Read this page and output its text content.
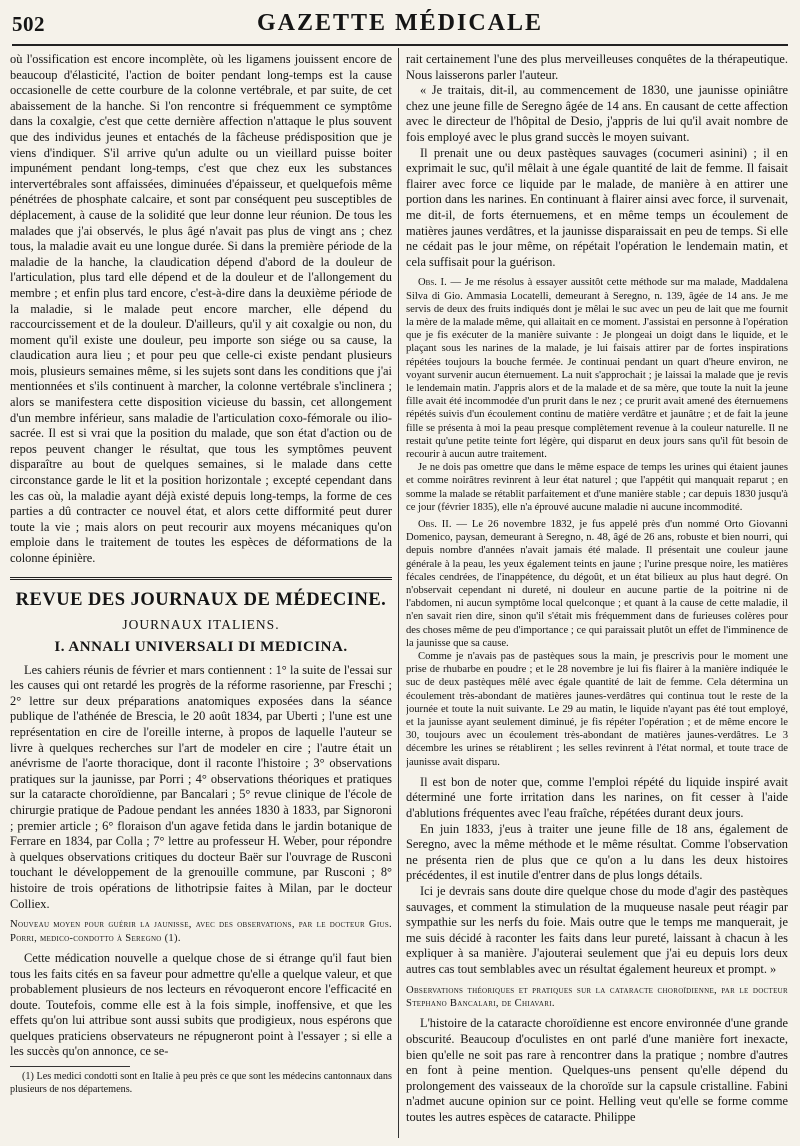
502	GAZETTE MÉDICALE

où l'ossification est encore incomplète, où les ligamens jouissent encore de beaucoup d'élasticité, l'action de boiter pendant long-temps est la cause occasionelle de cette courbure de la colonne vertébrale, et par suite, de cet abaissement de la hanche. Si l'on rencontre si fréquemment ce symptôme dans la coxalgie, c'est que cette dernière affection n'attaque le plus souvent que des individus jeunes et entachés de la fâcheuse prédisposition que je viens d'indiquer. S'il arrive qu'un adulte ou un vieillard puisse boiter impunément pendant long-temps, c'est que chez eux les substances intervertébrales sont affaissées, diminuées d'épaisseur, et quelquefois même pénétrées de phosphate calcaire, et sont par conséquent peu susceptibles de déplacement, à cause de la solidité que leur donne leur réunion. De tous les malades que j'ai observés, le plus âgé n'avait pas plus de vingt ans ; chez tous, la maladie avait eu une longue durée. Si dans la première période de la maladie de la hanche, la claudication dépend d'abord de la douleur de l'articulation, plus tard elle dépend et de la douleur et de l'allongement du membre ; et enfin plus tard encore, c'est-à-dire dans la deuxième période de la maladie, si le malade peut encore marcher, elle dépend du raccourcissement et de la douleur. D'ailleurs, qu'il y ait coxalgie ou non, du moment qu'il existe une douleur, peu importe son siége ou sa cause, la claudication aura lieu ; et pour peu que celle-ci existe pendant plusieurs mois, plusieurs semaines même, si les sujets sont dans les conditions que j'ai mentionnées et s'ils continuent à marcher, la colonne vertébrale s'inclinera ; alors se manifestera cette disposition vicieuse du bassin, cet allongement d'un membre inférieur, sans maladie de l'articulation coxo-fémorale ou ilio-sacrée. Il est si vrai que la position du malade, que son état d'action ou de repos peuvent changer le résultat, que tous les symptômes peuvent disparaître au bout de quelques semaines, si le malade dans cette circonstance garde le lit et la position horizontale ; excepté cependant dans les cas où, la maladie ayant déjà existé depuis long-temps, la forme de ces parties a dû contracter ce nouvel état, et alors cette difformité peut durer toute la vie ; mais alors on peut recourir aux moyens mécaniques qu'on emploie dans le traitement de toutes les espèces de déformations de la colonne épinière.

REVUE DES JOURNAUX DE MÉDECINE.
JOURNAUX ITALIENS.
I. ANNALI UNIVERSALI DI MEDICINA.

Les cahiers réunis de février et mars contiennent : 1° la suite de l'essai sur les causes qui ont retardé les progrès de la réforme rasorienne, par Freschi ; 2° lettre sur deux préparations anatomiques exposées dans la séance publique de l'athénée de Brescia, le 20 août 1834, par Uberti ; l'une est une représentation en cire de l'oreille interne, à propos de laquelle l'auteur se livre à quelques recherches sur l'art de modeler en cire ; l'autre était un anévrisme de l'aorte thoracique, dont il raconte l'histoire ; 3° observations pratiques sur la jaunisse, par Porri ; 4° observations théoriques et pratiques sur la cataracte choroïdienne, par Bancalari ; 5° revue clinique de l'école de chirurgie pratique de Padoue pendant les années 1830 à 1833, par Signoroni ; premier article ; 6° floraison d'un agave fetida dans le jardin botanique de Ferrare en 1834, par Colla ; 7° lettre au professeur H. Weber, pour répondre à quelques observations critiques du docteur Baër sur l'ouvrage de Rusconi touchant le développement de la grenouille commune, par Rusconi ; 8° histoire de trois opérations de lithotripsie faites à Milan, par le docteur Colliex.

Nouveau moyen pour guérir la jaunisse, avec des observations, par le docteur Gius. Porri, medico-condotto à Seregno (1).

Cette médication nouvelle a quelque chose de si étrange qu'il faut bien tous les faits cités en sa faveur pour admettre qu'elle a quelque valeur, et que probablement plusieurs de nos lecteurs en révoqueront encore l'efficacité en doute. Toutefois, comme elle est à la fois simple, inoffensive, et que les effets qu'on lui attribue sont aussi subits que prodigieux, nous espérons que quelques praticiens observateurs ne répugneront point à l'essayer ; si elle a les succès qu'on annonce, ce se-

(1) Les medici condotti sont en Italie à peu près ce que sont les médecins cantonnaux dans plusieurs de nos départemens.

rait certainement l'une des plus merveilleuses conquêtes de la thérapeutique. Nous laisserons parler l'auteur.

« Je traitais, dit-il, au commencement de 1830, une jaunisse opiniâtre chez une jeune fille de Seregno âgée de 14 ans. En causant de cette affection avec le directeur de l'hôpital de Desio, j'appris de lui qu'il avait nombre de fois employé avec le plus grand succès le moyen suivant.

Il prenait une ou deux pastèques sauvages (cocumeri asinini) ; il en exprimait le suc, qu'il mêlait à une égale quantité de lait de femme. Il faisait flairer avec force ce liquide par le malade, de manière à en attirer une portion dans les narines. En continuant à flairer ainsi avec force, il survenait, me dit-il, de forts éternuemens, et en même temps un écoulement de matières jaunes verdâtres, et la jaunisse disparaissait en peu de temps. Si elle ne cédait pas le jour même, on répétait l'opération le lendemain matin, et cela suffisait pour la guérison.

Obs. I. — Je me résolus à essayer aussitôt cette méthode sur ma malade, Maddalena Silva di Gio. Ammasia Locatelli, demeurant à Seregno, n. 139, âgée de 14 ans. Je me servis de deux des fruits indiqués dont je mêlai le suc avec un peu de lait que me fournit la mère de la malade même, qui allaitait en ce moment. J'assistai en personne à l'opération que je fis exécuter de la manière suivante : Je plongeai un doigt dans le liquide, et le plaçant sous les narines de la malade, je lui faisais attirer par de fortes inspirations répétées toujours la bouche fermée. Je continuai pendant un quart d'heure environ, ne voyant survenir aucun éternuement. La nuit s'approchait ; je laissai la malade que je revis le lendemain matin. J'appris alors et de la malade et de sa mère, que toute la nuit la jeune fille avait été incommodée d'un prurit dans le nez ; ce prurit avait amené des éternuemens répétés suivis d'un écoulement continu de matière verdâtre et jaunâtre ; et de fait la jeune fille se présenta à moi la peau presque complètement revenue à la couleur naturelle. Il ne restait qu'une petite teinte fort légère, qui disparut en deux jours sans qu'il fût besoin de recourir à aucun autre traitement.

Je ne dois pas omettre que dans le même espace de temps les urines qui étaient jaunes et comme noirâtres revinrent à leur état naturel ; que l'appétit qui manquait reparut ; en somme la malade se rétablit parfaitement et d'une manière stable ; car depuis 1830 jusqu'à ce jour (février 1835), elle n'a éprouvé aucune maladie ni aucune incommodité.

Obs. II. — Le 26 novembre 1832, je fus appelé près d'un nommé Orto Giovanni Domenico, paysan, demeurant à Seregno, n. 48, âgé de 26 ans, robuste et bien nourri, qui depuis nombre d'années n'avait jamais été malade. Il présentait une couleur jaune générale à la peau, les yeux également teints en jaune ; l'urine presque noire, les matières fécales cendrées, de l'inappétence, du dégoût, et un état bilieux au plus haut degré. On n'observait cependant ni dureté, ni douleur en aucune partie de la poitrine ni de l'abdomen, ni aucun symptôme local quelconque ; et quant à la cause de cette maladie, il n'en savait rien dire, sinon qu'il s'était mis fréquemment dans de furieuses colères pour des choses même de peu d'importance ; ce qui paraissait plutôt un effet de l'imminence de la jaunisse que sa cause.

Comme je n'avais pas de pastèques sous la main, je prescrivis pour le moment une prise de rhubarbe en poudre ; et le 28 novembre je lui fis flairer à la manière indiquée le suc de deux pastèques mêlé avec égale quantité de lait de femme. Cela détermina un écoulement très-abondant de matières jaunes-verdâtres qui continua tout le reste de la journée et toute la nuit suivante. Le 29 au matin, le liquide n'ayant pas été tout employé, et la jaunisse ayant seulement diminué, je fis répéter l'opération ; et de même encore le 30, toujours avec un écoulement très-abondant de matières jaunes-verdâtres. Le 3 décembre les urines se rétablirent ; les selles revinrent à l'état normal, et toute trace de jaunisse avait disparu.

Il est bon de noter que, comme l'emploi répété du liquide inspiré avait déterminé une forte irritation dans les narines, on fit cesser à l'aide d'ablutions fréquentes avec l'eau fraîche, répétées durant deux jours.

En juin 1833, j'eus à traiter une jeune fille de 18 ans, également de Seregno, avec la même méthode et le même résultat. Comme l'observation ne présenta rien de plus que ce qu'on a lu dans les deux histoires précédentes, il est inutile d'entrer dans de plus longs détails.

Ici je devrais sans doute dire quelque chose du mode d'agir des pastèques sauvages, et comment la stimulation de la muqueuse nasale peut réagir par sympathie sur les nerfs du foie. Mais outre que le temps me manquerait, je me suis décidé à raconter les faits dans leur pureté, laissant à chacun à les expliquer à sa manière. J'ajouterai seulement que j'ai eu depuis lors deux autres cas tout semblables avec un résultat également heureux et prompt. »

Observations théoriques et pratiques sur la cataracte choroïdienne, par le docteur Stephano Bancalari, de Chiavari.

L'histoire de la cataracte choroïdienne est encore environnée d'une grande obscurité. Beaucoup d'oculistes en ont parlé d'une manière fort inexacte, bien qu'elle ne soit pas rare à rencontrer dans la pratique ; nombre d'autres en font à peine mention. Quelques-uns pensent qu'elle dépend du prolongement des vaisseaux de la choroïde sur la capsule cristalline. Fabini n'admet aucune opinion sur ce point. Helling veut qu'elle se forme comme toutes les autres espèces de cataracte. Philippe
